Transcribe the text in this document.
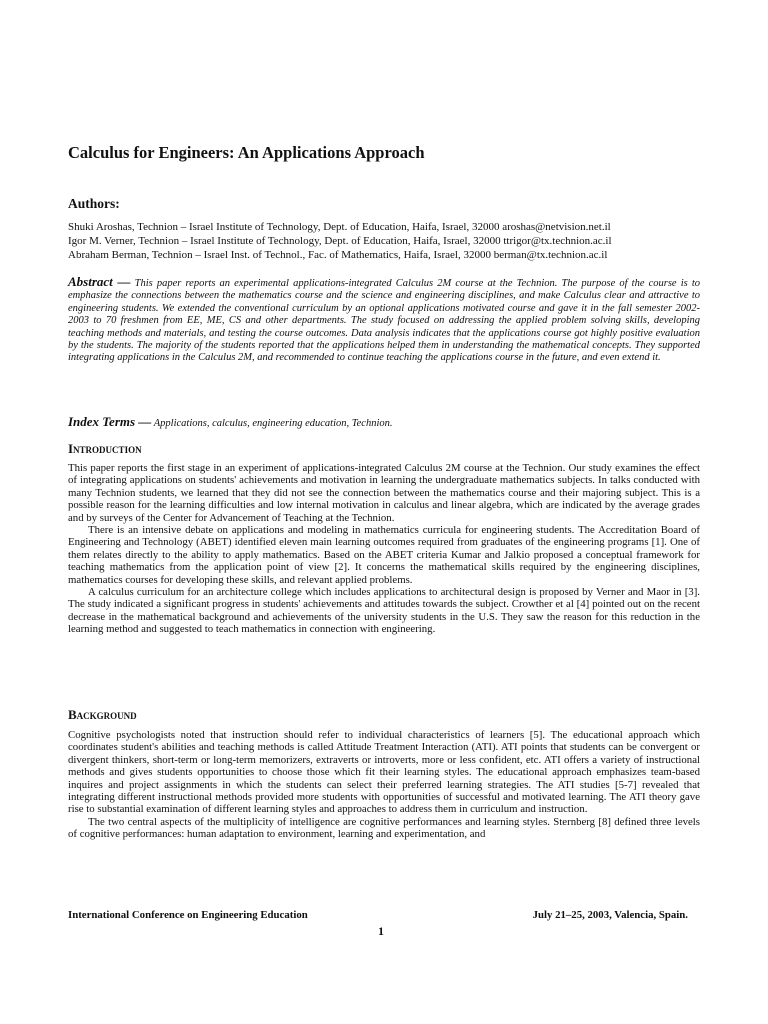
Calculus for Engineers: An Applications Approach
Authors:
Shuki Aroshas, Technion – Israel Institute of Technology, Dept. of Education, Haifa, Israel, 32000 aroshas@netvision.net.il
Igor M. Verner, Technion – Israel Institute of Technology, Dept. of Education, Haifa, Israel, 32000 ttrigor@tx.technion.ac.il
Abraham Berman, Technion – Israel Inst. of Technol., Fac. of Mathematics, Haifa, Israel, 32000 berman@tx.technion.ac.il
Abstract — This paper reports an experimental applications-integrated Calculus 2M course at the Technion. The purpose of the course is to emphasize the connections between the mathematics course and the science and engineering disciplines, and make Calculus clear and attractive to engineering students. We extended the conventional curriculum by an optional applications motivated course and gave it in the fall semester 2002-2003 to 70 freshmen from EE, ME, CS and other departments. The study focused on addressing the applied problem solving skills, developing teaching methods and materials, and testing the course outcomes. Data analysis indicates that the applications course got highly positive evaluation by the students. The majority of the students reported that the applications helped them in understanding the mathematical concepts. They supported integrating applications in the Calculus 2M, and recommended to continue teaching the applications course in the future, and even extend it.
Index Terms — Applications, calculus, engineering education, Technion.
Introduction

This paper reports the first stage in an experiment of applications-integrated Calculus 2M course at the Technion. Our study examines the effect of integrating applications on students' achievements and motivation in learning the undergraduate mathematics subjects. In talks conducted with many Technion students, we learned that they did not see the connection between the mathematics course and their majoring subject. This is a possible reason for the learning difficulties and low internal motivation in calculus and linear algebra, which are indicated by the average grades and by surveys of the Center for Advancement of Teaching at the Technion.

There is an intensive debate on applications and modeling in mathematics curricula for engineering students. The Accreditation Board of Engineering and Technology (ABET) identified eleven main learning outcomes required from graduates of the engineering programs [1]. One of them relates directly to the ability to apply mathematics. Based on the ABET criteria Kumar and Jalkio proposed a conceptual framework for teaching mathematics from the application point of view [2]. It concerns the mathematical skills required by the engineering disciplines, mathematics courses for developing these skills, and relevant applied problems.

A calculus curriculum for an architecture college which includes applications to architectural design is proposed by Verner and Maor in [3]. The study indicated a significant progress in students' achievements and attitudes towards the subject. Crowther et al [4] pointed out on the recent decrease in the mathematical background and achievements of the university students in the U.S. They saw the reason for this reduction in the learning method and suggested to teach mathematics in connection with engineering.

Background

Cognitive psychologists noted that instruction should refer to individual characteristics of learners [5]. The educational approach which coordinates student's abilities and teaching methods is called Attitude Treatment Interaction (ATI). ATI points that students can be convergent or divergent thinkers, short-term or long-term memorizers, extraverts or introverts, more or less confident, etc. ATI offers a variety of instructional methods and gives students opportunities to choose those which fit their learning styles. The educational approach emphasizes team-based inquires and project assignments in which the students can select their preferred learning strategies. The ATI studies [5-7] revealed that integrating different instructional methods provided more students with opportunities of successful and motivated learning. The ATI theory gave rise to substantial examination of different learning styles and approaches to address them in curriculum and instruction.

The two central aspects of the multiplicity of intelligence are cognitive performances and learning styles. Sternberg [8] defined three levels of cognitive performances: human adaptation to environment, learning and experimentation, and

International Conference on Engineering Education	July 21–25, 2003, Valencia, Spain.
1
